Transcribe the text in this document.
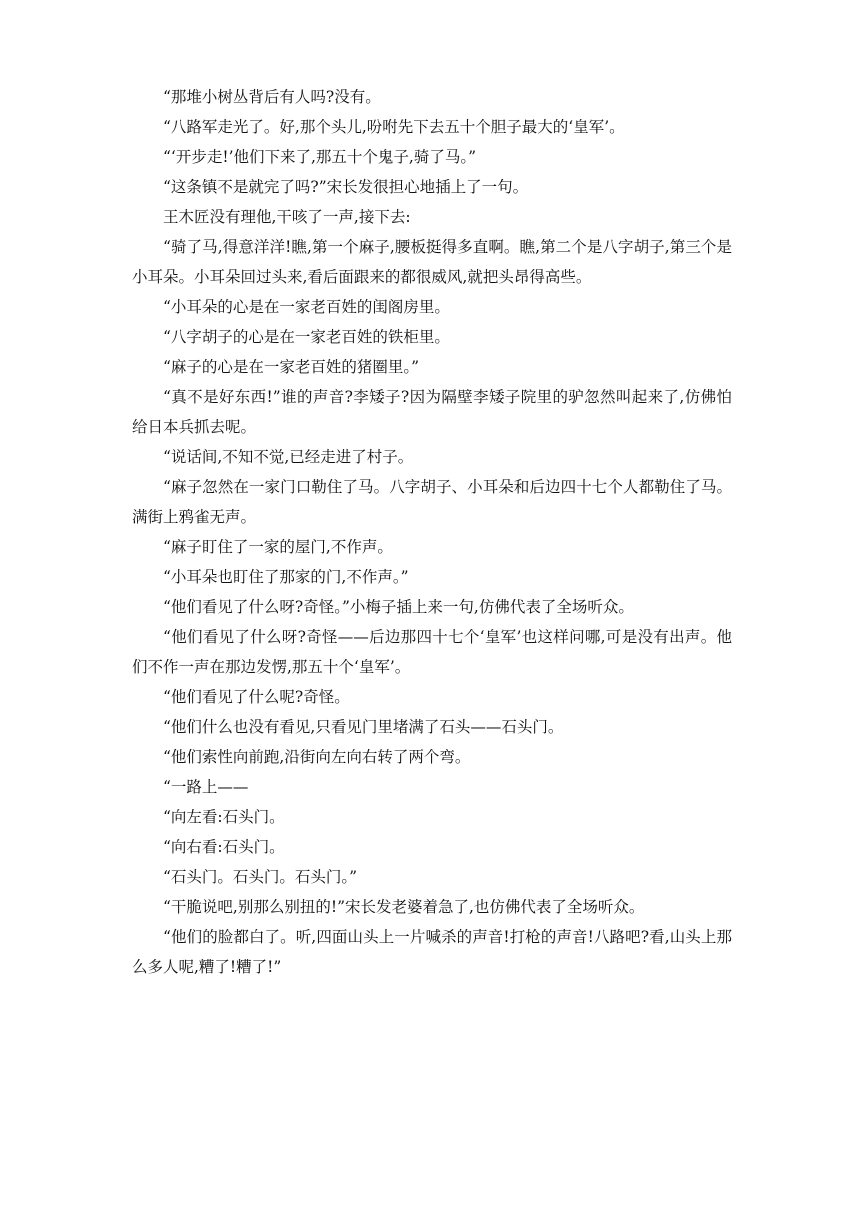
“那堆小树丛背后有人吗?没有。

“八路军走光了。好,那个头儿,吩咐先下去五十个胆子最大的‘皇军’。

“‘开步走!’他们下来了,那五十个鬼子,骑了马。”

“这条镇不是就完了吗?”宋长发很担心地插上了一句。

王木匠没有理他,干咳了一声,接下去:

“骑了马,得意洋洋!瞧,第一个麻子,腰板挺得多直啊。瞧,第二个是八字胡子,第三个是小耳朵。小耳朵回过头来,看后面跟来的都很威风,就把头昂得高些。

“小耳朵的心是在一家老百姓的闺阁房里。

“八字胡子的心是在一家老百姓的铁柜里。

“麻子的心是在一家老百姓的猪圈里。”

“真不是好东西!”谁的声音?李矮子?因为隔壁李矮子院里的驴忽然叫起来了,仿佛怕给日本兵抓去呢。

“说话间,不知不觉,已经走进了村子。

“麻子忽然在一家门口勒住了马。八字胡子、小耳朵和后边四十七个人都勒住了马。满街上鸦雀无声。

“麻子盯住了一家的屋门,不作声。

“小耳朵也盯住了那家的门,不作声。”

“他们看见了什么呀?奇怪。”小梅子插上来一句,仿佛代表了全场听众。

“他们看见了什么呀?奇怪——后边那四十七个‘皇军’也这样问哪,可是没有出声。他们不作一声在那边发愣,那五十个‘皇军’。

“他们看见了什么呢?奇怪。

“他们什么也没有看见,只看见门里堵满了石头——石头门。

“他们索性向前跑,沿街向左向右转了两个弯。

“一路上——

“向左看:石头门。

“向右看:石头门。

“石头门。石头门。石头门。”

“干脆说吧,别那么别扭的!”宋长发老婆着急了,也仿佛代表了全场听众。

“他们的脸都白了。听,四面山头上一片喊杀的声音!打枪的声音!八路吧?看,山头上那么多人呢,糟了!糟了!”
